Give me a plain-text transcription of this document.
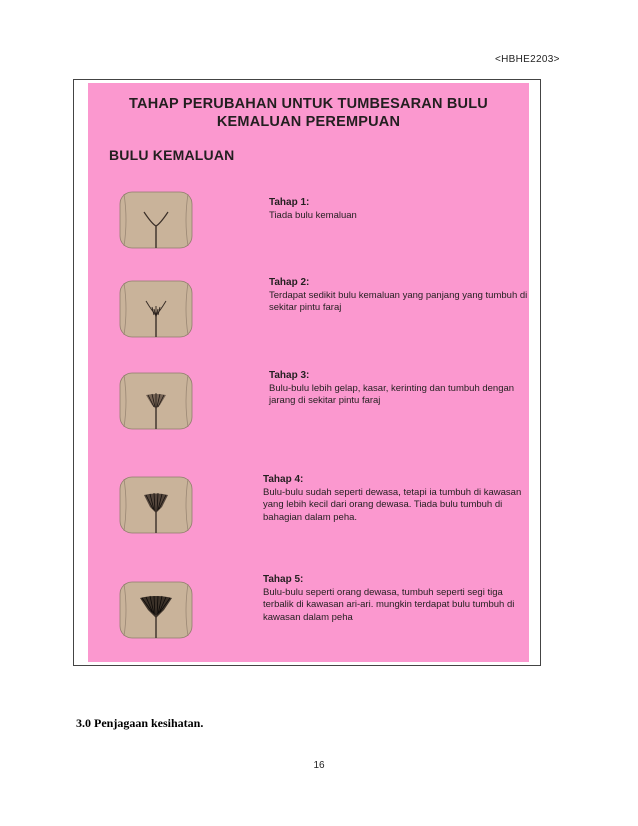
<HBHE2203>
TAHAP PERUBAHAN UNTUK TUMBESARAN BULU
KEMALUAN PEREMPUAN
BULU KEMALUAN
Tahap 1:
Tiada bulu kemaluan
Tahap 2:
Terdapat sedikit bulu kemaluan yang panjang yang tumbuh di sekitar pintu faraj
Tahap 3:
Bulu-bulu lebih gelap, kasar, kerinting dan tumbuh dengan jarang di sekitar pintu faraj
Tahap 4:
Bulu-bulu sudah seperti dewasa, tetapi ia tumbuh di kawasan yang lebih kecil dari orang dewasa. Tiada bulu tumbuh di bahagian dalam peha.
Tahap 5:
Bulu-bulu seperti orang dewasa, tumbuh seperti segi tiga terbalik di kawasan ari-ari. mungkin terdapat bulu tumbuh di kawasan dalam peha
3.0 Penjagaan kesihatan.
16
